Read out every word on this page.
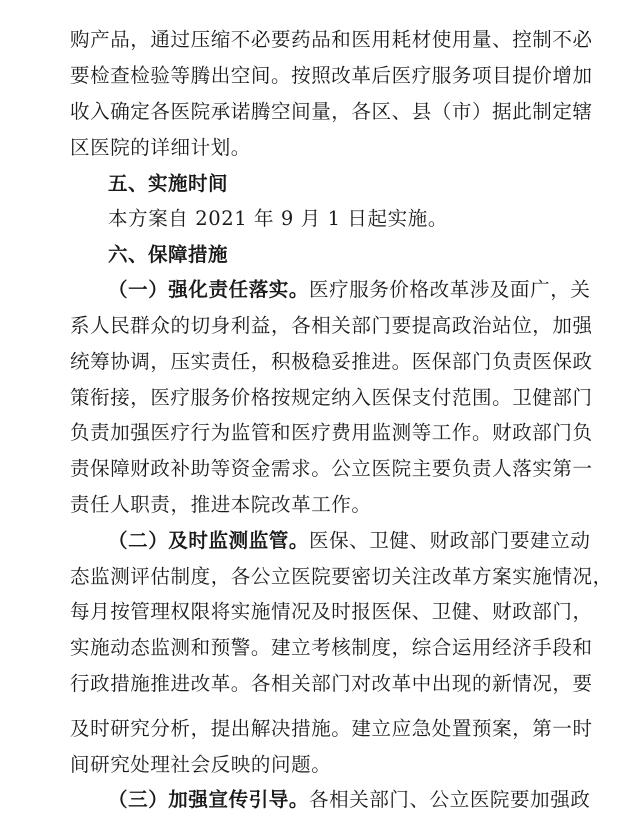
购产品，通过压缩不必要药品和医用耗材使用量、控制不必
要检查检验等腾出空间。按照改革后医疗服务项目提价增加
收入确定各医院承诺腾空间量，各区、县（市）据此制定辖
区医院的详细计划。
五、实施时间
本方案自 2021 年 9 月 1 日起实施。
六、保障措施
（一）强化责任落实。医疗服务价格改革涉及面广，关
系人民群众的切身利益，各相关部门要提高政治站位，加强
统筹协调，压实责任，积极稳妥推进。医保部门负责医保政
策衔接，医疗服务价格按规定纳入医保支付范围。卫健部门
负责加强医疗行为监管和医疗费用监测等工作。财政部门负
责保障财政补助等资金需求。公立医院主要负责人落实第一
责任人职责，推进本院改革工作。
（二）及时监测监管。医保、卫健、财政部门要建立动
态监测评估制度，各公立医院要密切关注改革方案实施情况，
每月按管理权限将实施情况及时报医保、卫健、财政部门，
实施动态监测和预警。建立考核制度，综合运用经济手段和
行政措施推进改革。各相关部门对改革中出现的新情况，要
及时研究分析，提出解决措施。建立应急处置预案，第一时
间研究处理社会反映的问题。
（三）加强宣传引导。各相关部门、公立医院要加强政
